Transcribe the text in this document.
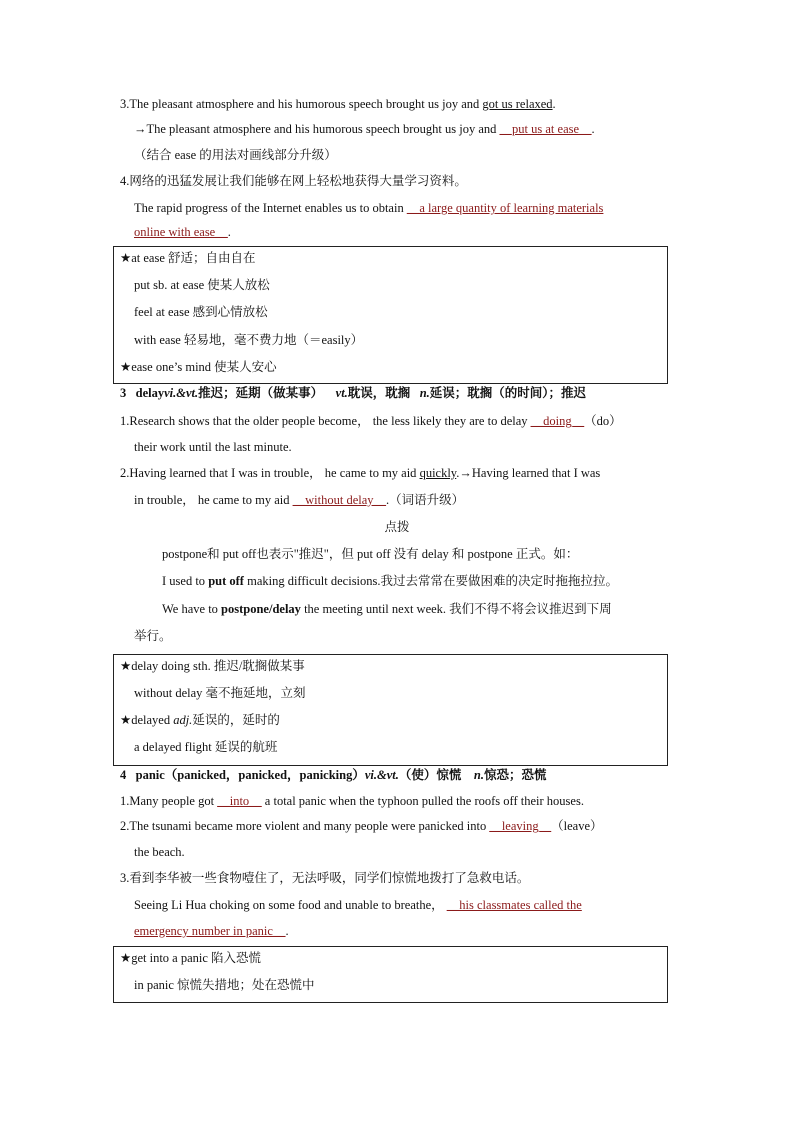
3.The pleasant atmosphere and his humorous speech brought us joy and got us relaxed.
→The pleasant atmosphere and his humorous speech brought us joy and __put us at ease__.
（结合 ease 的用法对画线部分升级）
4.网络的迅猛发展让我们能够在网上轻松地获得大量学习资料。
The rapid progress of the Internet enables us to obtain __a large quantity of learning materials
online with ease__.
★at ease 舒适；自由自在
put sb. at ease 使某人放松
feel at ease 感到心情放松
with ease 轻易地，毫不费力地（＝easily）
★ease one’s mind 使某人安心
3 delayvi.&vt.推迟；延期（做某事） vt.耽误，耽搁   n.延误；耽搁（的时间）；推迟
1.Research shows that the older people become， the less likely they are to delay __doing__（do）
their work until the last minute.
2.Having learned that I was in trouble， he came to my aid quickly.→Having learned that I was
in trouble， he came to my aid __without delay__.（词语升级）
点拨
postpone和 put off也表示"推迟"，但 put off 没有 delay 和 postpone 正式。如：
I used to put off making difficult decisions.我过去常常在要做困难的决定时拖拖拉拉。
We have to postpone/delay the meeting until next week. 我们不得不将会议推迟到下周
举行。
★delay doing sth. 推迟/耽搁做某事
without delay 毫不拖延地，立刻
★delayed adj.延误的，延时的
a delayed flight 延误的航班
4 panic（panicked，panicked，panicking）vi.&vt.（使）惊慌    n.惊恐；恐慌
1.Many people got __into__ a total panic when the typhoon pulled the roofs off their houses.
2.The tsunami became more violent and many people were panicked into __leaving__（leave）
the beach.
3.看到李华被一些食物噎住了，无法呼吸，同学们惊慌地拨打了急救电话。
Seeing Li Hua choking on some food and unable to breathe， __his classmates called the
emergency number in panic__.
★get into a panic 陷入恐慌
in panic 惊慌失措地；处在恐慌中
